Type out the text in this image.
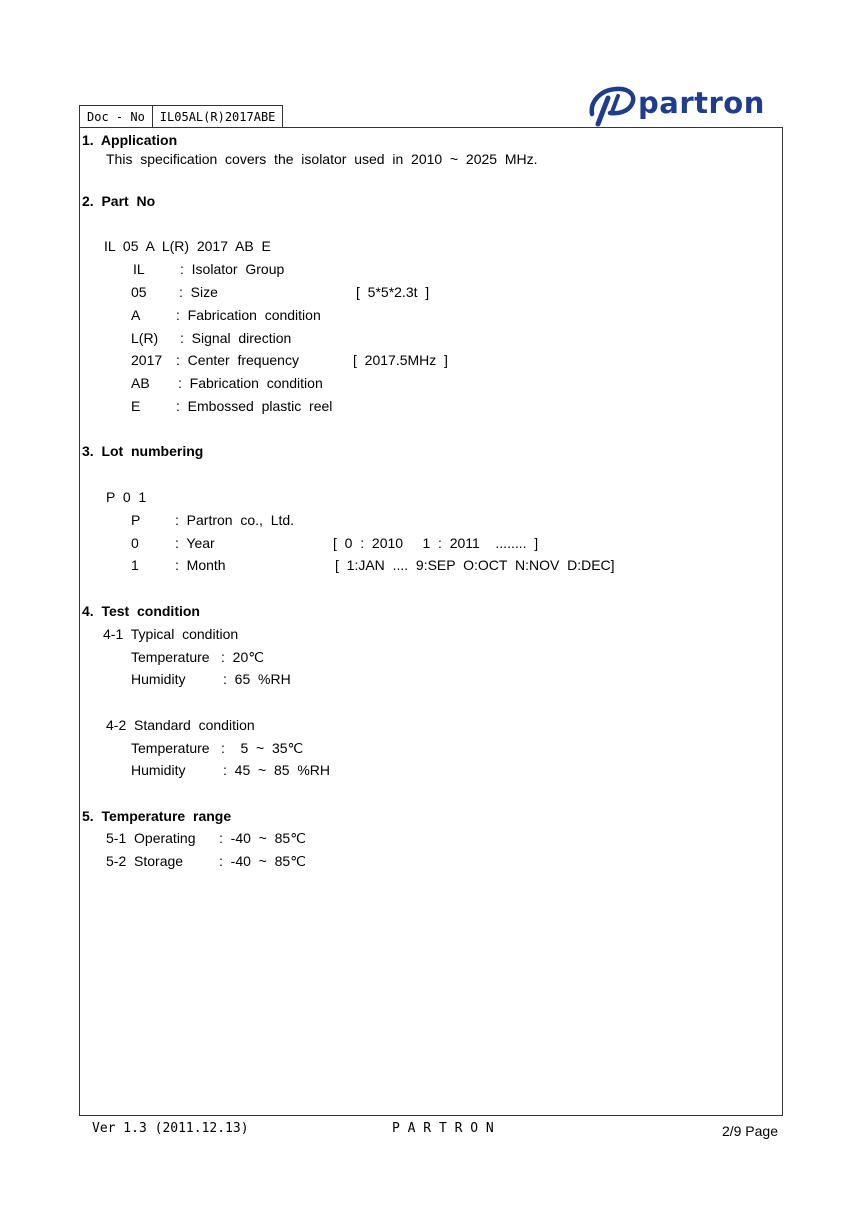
Doc - No	IL05AL(R)2017ABE	partron
1.  Application
This  specification  covers  the  isolator  used  in  2010  ~  2025  MHz.
2.  Part  No
IL  05  A  L(R)  2017  AB  E
IL	:  Isolator  Group
05 :  Size	[  5*5*2.3t  ]
A	:  Fabrication  condition
L(R) :  Signal  direction
2017 :  Center  frequency	[  2017.5MHz  ]
AB :  Fabrication  condition
E	:  Embossed  plastic  reel
3.  Lot  numbering
P  0  1
P :  Partron  co.,  Ltd.
0	:  Year	[  0  :  2010     1  :  2011    ........  ]
1	:  Month	[  1:JAN  ....  9:SEP  O:OCT  N:NOV  D:DEC]
4.  Test  condition
4-1  Typical  condition
Temperature :  20℃
Humidity	:  65  %RH
4-2  Standard  condition
Temperature :    5  ~  35℃
Humidity	:  45  ~  85  %RH
5.  Temperature  range
5-1  Operating :  -40  ~  85℃
5-2  Storage	:  -40  ~  85℃
Ver 1.3 (2011.12.13)	P A R T R O N	2/9 Page
